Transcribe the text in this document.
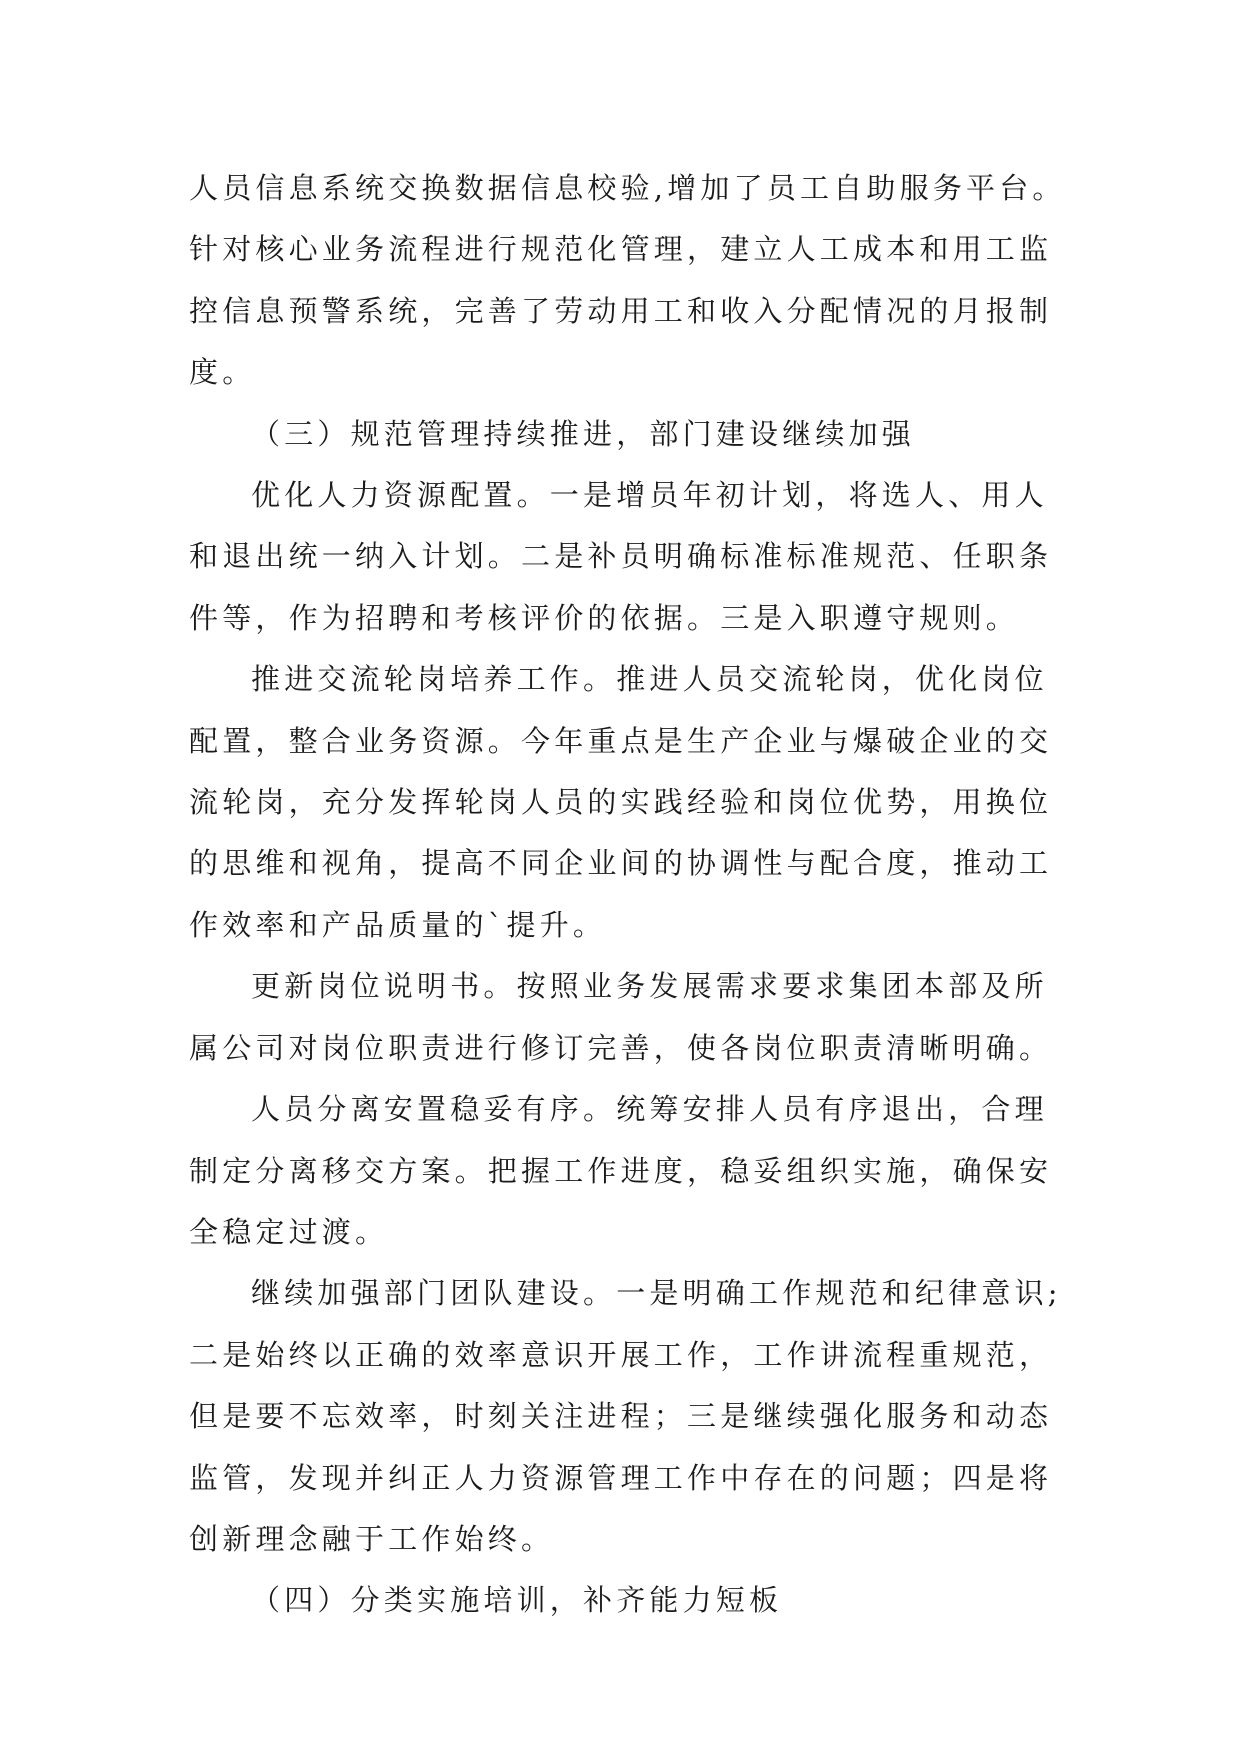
人员信息系统交换数据信息校验,增加了员工自助服务平台。
针对核心业务流程进行规范化管理，建立人工成本和用工监
控信息预警系统，完善了劳动用工和收入分配情况的月报制
度。

（三）规范管理持续推进，部门建设继续加强

优化人力资源配置。一是增员年初计划，将选人、用人
和退出统一纳入计划。二是补员明确标准标准规范、任职条
件等，作为招聘和考核评价的依据。三是入职遵守规则。

推进交流轮岗培养工作。推进人员交流轮岗，优化岗位
配置，整合业务资源。今年重点是生产企业与爆破企业的交
流轮岗，充分发挥轮岗人员的实践经验和岗位优势，用换位
的思维和视角，提高不同企业间的协调性与配合度，推动工
作效率和产品质量的`提升。

更新岗位说明书。按照业务发展需求要求集团本部及所
属公司对岗位职责进行修订完善，使各岗位职责清晰明确。

人员分离安置稳妥有序。统筹安排人员有序退出，合理
制定分离移交方案。把握工作进度，稳妥组织实施，确保安
全稳定过渡。

继续加强部门团队建设。一是明确工作规范和纪律意识;
二是始终以正确的效率意识开展工作，工作讲流程重规范，
但是要不忘效率，时刻关注进程；三是继续强化服务和动态
监管，发现并纠正人力资源管理工作中存在的问题；四是将
创新理念融于工作始终。

（四）分类实施培训，补齐能力短板
